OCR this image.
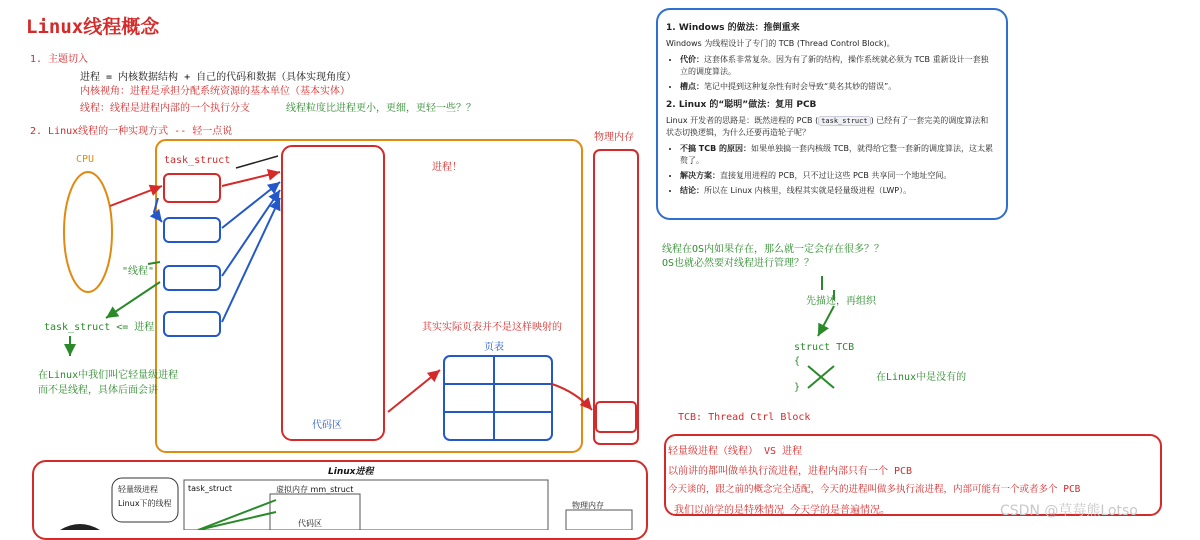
Linux线程概念
1. 主题切入
进程 = 内核数据结构 + 自己的代码和数据（具体实现角度）
内核视角：进程是承担分配系统资源的基本单位（基本实体）
线程：线程是进程内部的一个执行分支	线程粒度比进程更小，更细，更轻一些？？
2. Linux线程的一种实现方式 -- 轻一点说
CPU	task_struct
进程！
"线程"
task_struct <= 进程
在Linux中我们叫它轻量级进程
而不是线程，具体后面会讲
代码区
其实实际页表并不是这样映射的
页表
物理内存
1. Windows 的做法：推倒重来

Windows 为线程设计了专门的 TCB (Thread Control Block)。

• 代价：这套体系非常复杂。因为有了新的结构，操作系统就必须为 TCB 重新设计一套独立的调度算法。
• 槽点：笔记中提到这种复杂性有时会导致“莫名其妙的错误”。
2. Linux 的“聪明”做法：复用 PCB

Linux 开发者的思路是：既然进程的 PCB ( task_struct ) 已经有了一套完美的调度算法和状态切换逻辑，为什么还要再造轮子呢？

• 不搞 TCB 的原因：如果单独搞一套内核级 TCB，就得给它整一套新的调度算法，这太累赘了。
• 解决方案：直接复用进程的 PCB，只不过让这些 PCB 共享同一个地址空间。
• 结论：所以在 Linux 内核里，线程其实就是轻量级进程（LWP）。
线程在OS内如果存在，那么就一定会存在很多？？
OS也就必然要对线程进行管理？？
先描述，再组织
struct TCB
{
}
在Linux中是没有的
TCB: Thread Ctrl Block
轻量级进程（线程） VS 进程
以前讲的都叫做单执行流进程，进程内部只有一个 PCB
今天谈的，跟之前的概念完全适配，今天的进程叫做多执行流进程，内部可能有一个或者多个 PCB
我们以前学的是特殊情况 今天学的是普遍情况。
Linux进程
轻量级进程
Linux下的线程
task_struct	虚拟内存 mm_struct
物理内存
代码区
CSDN @草莓熊Lotso
